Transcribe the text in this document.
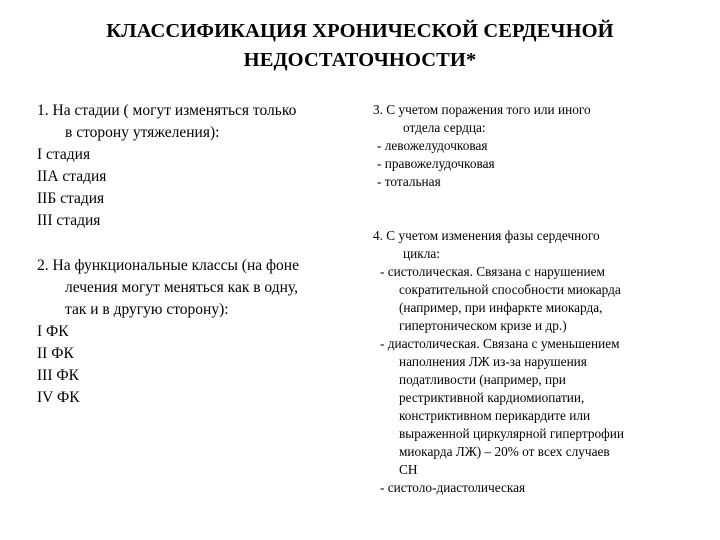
КЛАССИФИКАЦИЯ ХРОНИЧЕСКОЙ СЕРДЕЧНОЙ
НЕДОСТАТОЧНОСТИ*
1. На стадии ( могут изменяться только
в сторону утяжеления):
I стадия
IIА стадия
IIБ стадия
III стадия
2. На функциональные классы (на фоне
лечения могут меняться как в одну,
так и в другую сторону):
I ФК
II ФК
III ФК
IV ФК
3. С учетом поражения того или иного
отдела сердца:
- левожелудочковая
- правожелудочковая
- тотальная
4. С учетом изменения фазы сердечного
цикла:
- систолическая. Связана с нарушением
сократительной способности миокарда
(например, при инфаркте миокарда,
гипертоническом кризе и др.)
- диастолическая. Связана с уменьшением
наполнения ЛЖ из-за нарушения
податливости (например, при
рестриктивной кардиомиопатии,
констриктивном перикардите или
выраженной циркулярной гипертрофии
миокарда ЛЖ) – 20% от всех случаев
СН
- систоло-диастолическая
